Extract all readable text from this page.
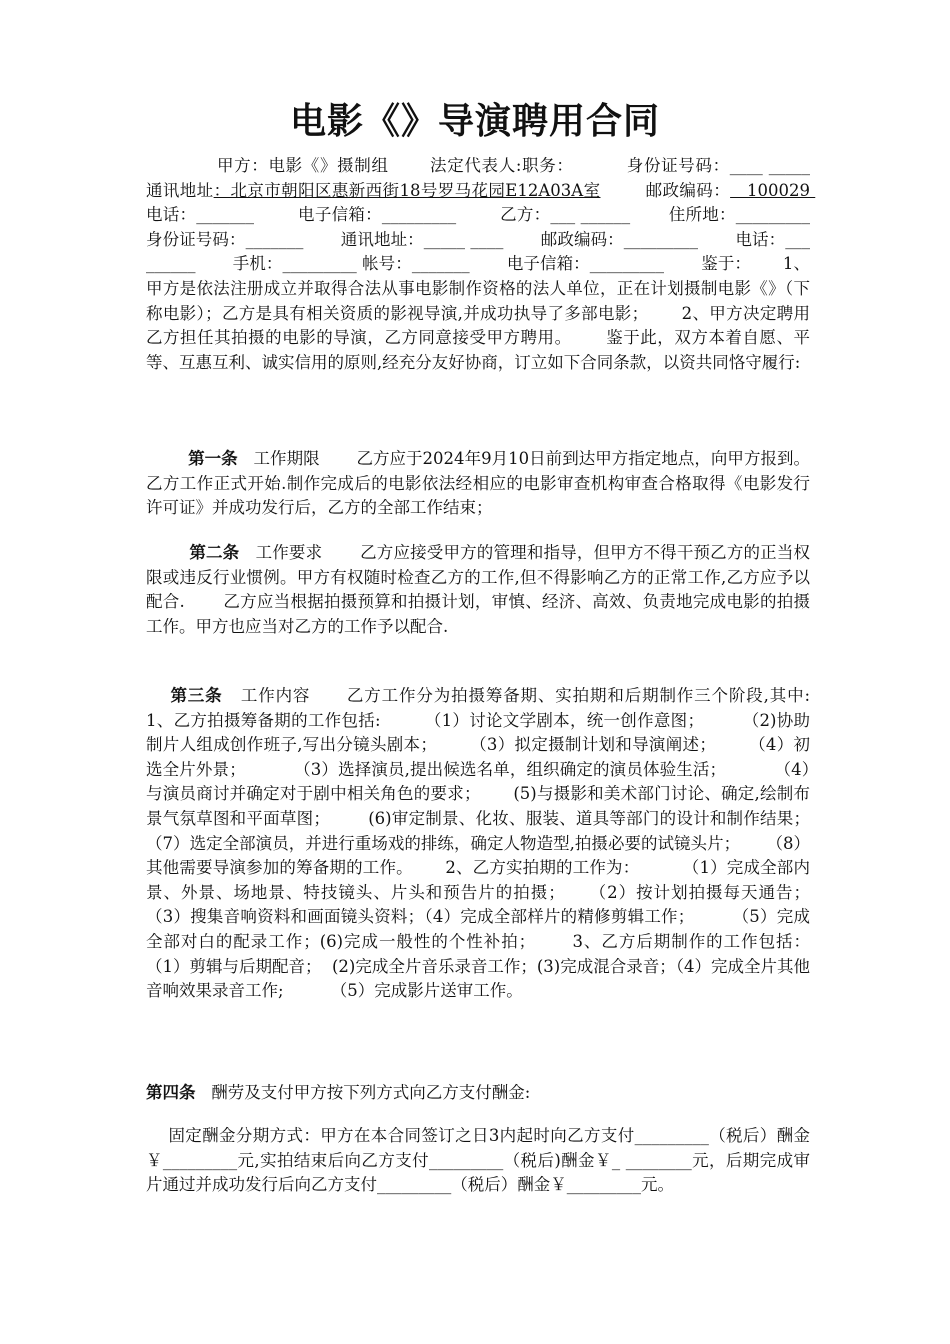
电影《》导演聘用合同
甲方：电影《》摄制组       法定代表人:职务：         身份证号码：____ _____        通讯地址：北京市朝阳区惠新西街18号罗马花园E12A03A室        邮政编码：   100029       电话：_______        电子信箱：_________        乙方：___ ______       住所地：_________       身份证号码：_______       通讯地址：_____ ____       邮政编码：_________       电话：_________       手机：_________ 帐号：_______       电子信箱：_________       鉴于：      1、甲方是依法注册成立并取得合法从事电影制作资格的法人单位，正在计划摄制电影《》（下称电影）；乙方是具有相关资质的影视导演,并成功执导了多部电影；      2、甲方决定聘用乙方担任其拍摄的电影的导演，乙方同意接受甲方聘用。      鉴于此，双方本着自愿、平等、互惠互利、诚实信用的原则,经充分友好协商，订立如下合同条款，以资共同恪守履行:
第一条   工作期限       乙方应于2024年9月10日前到达甲方指定地点，向甲方报到。乙方工作正式开始.制作完成后的电影依法经相应的电影审查机构审查合格取得《电影发行许可证》并成功发行后，乙方的全部工作结束；
第二条   工作要求       乙方应接受甲方的管理和指导，但甲方不得干预乙方的正当权限或违反行业惯例。甲方有权随时检查乙方的工作,但不得影响乙方的正常工作,乙方应予以配合.       乙方应当根据拍摄预算和拍摄计划，审慎、经济、高效、负责地完成电影的拍摄工作。甲方也应当对乙方的工作予以配合.
第三条   工作内容      乙方工作分为拍摄筹备期、实拍期和后期制作三个阶段,其中:      1、乙方拍摄筹备期的工作包括:        （1）讨论文学剧本，统一创作意图；       （2)协助制片人组成创作班子,写出分镜头剧本；      （3）拟定摄制计划和导演阐述；      （4）初选全片外景；         （3）选择演员,提出候选名单，组织确定的演员体验生活；         （4）与演员商讨并确定对于剧中相关角色的要求；      (5)与摄影和美术部门讨论、确定,绘制布景气氛草图和平面草图；       (6)审定制景、化妆、服装、道具等部门的设计和制作结果；（7）选定全部演员，并进行重场戏的排练，确定人物造型,拍摄必要的试镜头片；     （8）其他需要导演参加的筹备期的工作。      2、乙方实拍期的工作为：        （1）完成全部内景、外景、场地景、特技镜头、片头和预告片的拍摄；    （2）按计划拍摄每天通告；        （3）搜集音响资料和画面镜头资料；（4）完成全部样片的精修剪辑工作；       （5）完成全部对白的配录工作；(6)完成一般性的个性补拍；      3、乙方后期制作的工作包括：         （1）剪辑与后期配音；  (2)完成全片音乐录音工作；(3)完成混合录音；（4）完成全片其他音响效果录音工作;         （5）完成影片送审工作。
第四条   酬劳及支付甲方按下列方式向乙方支付酬金:
固定酬金分期方式：甲方在本合同签订之日3内起时向乙方支付_________（税后）酬金￥_________元,实拍结束后向乙方支付_________（税后)酬金￥_ ________元，后期完成审片通过并成功发行后向乙方支付_________（税后）酬金￥_________元。
